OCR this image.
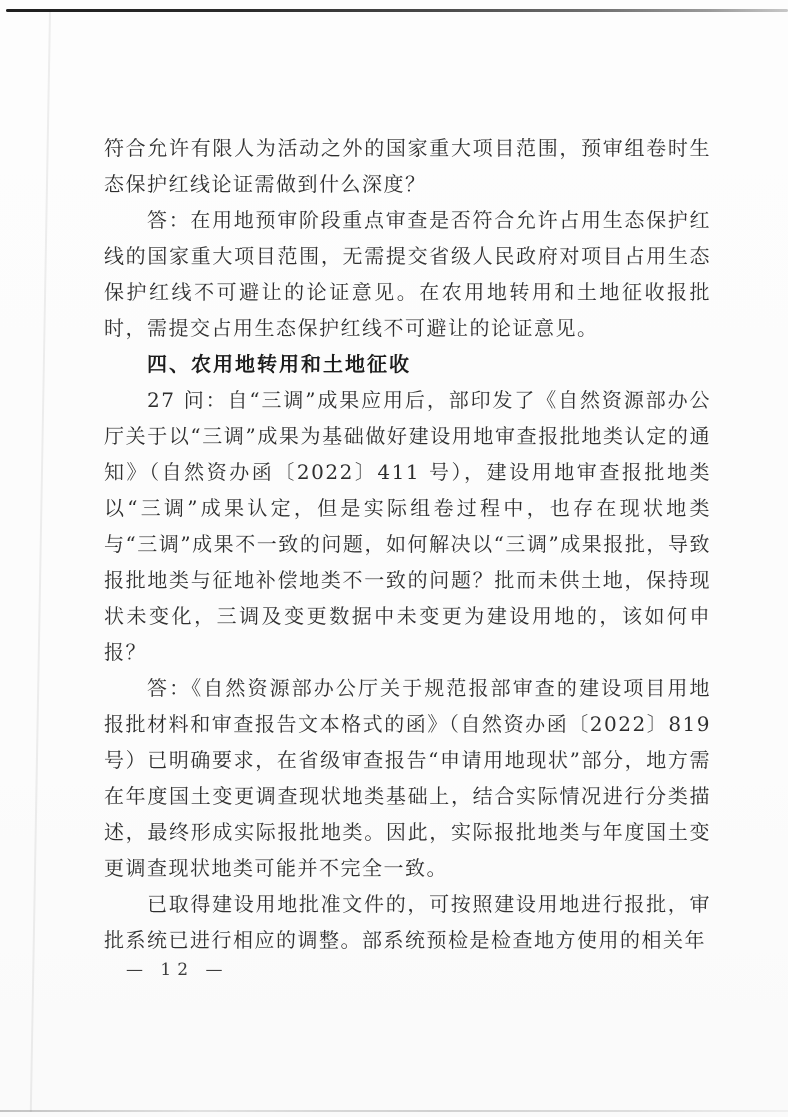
符合允许有限人为活动之外的国家重大项目范围，预审组卷时生态保护红线论证需做到什么深度？

答：在用地预审阶段重点审查是否符合允许占用生态保护红线的国家重大项目范围，无需提交省级人民政府对项目占用生态保护红线不可避让的论证意见。在农用地转用和土地征收报批时，需提交占用生态保护红线不可避让的论证意见。

四、农用地转用和土地征收

27 问：自“三调”成果应用后，部印发了《自然资源部办公厅关于以“三调”成果为基础做好建设用地审查报批地类认定的通知》（自然资办函〔2022〕411 号），建设用地审查报批地类以“三调”成果认定，但是实际组卷过程中，也存在现状地类与“三调”成果不一致的问题，如何解决以“三调”成果报批，导致报批地类与征地补偿地类不一致的问题？批而未供土地，保持现状未变化，三调及变更数据中未变更为建设用地的，该如何申报？

答：《自然资源部办公厅关于规范报部审查的建设项目用地报批材料和审查报告文本格式的函》（自然资办函〔2022〕819 号）已明确要求，在省级审查报告“申请用地现状”部分，地方需在年度国土变更调查现状地类基础上，结合实际情况进行分类描述，最终形成实际报批地类。因此，实际报批地类与年度国土变更调查现状地类可能并不完全一致。

已取得建设用地批准文件的，可按照建设用地进行报批，审批系统已进行相应的调整。部系统预检是检查地方使用的相关年

— 12 —
